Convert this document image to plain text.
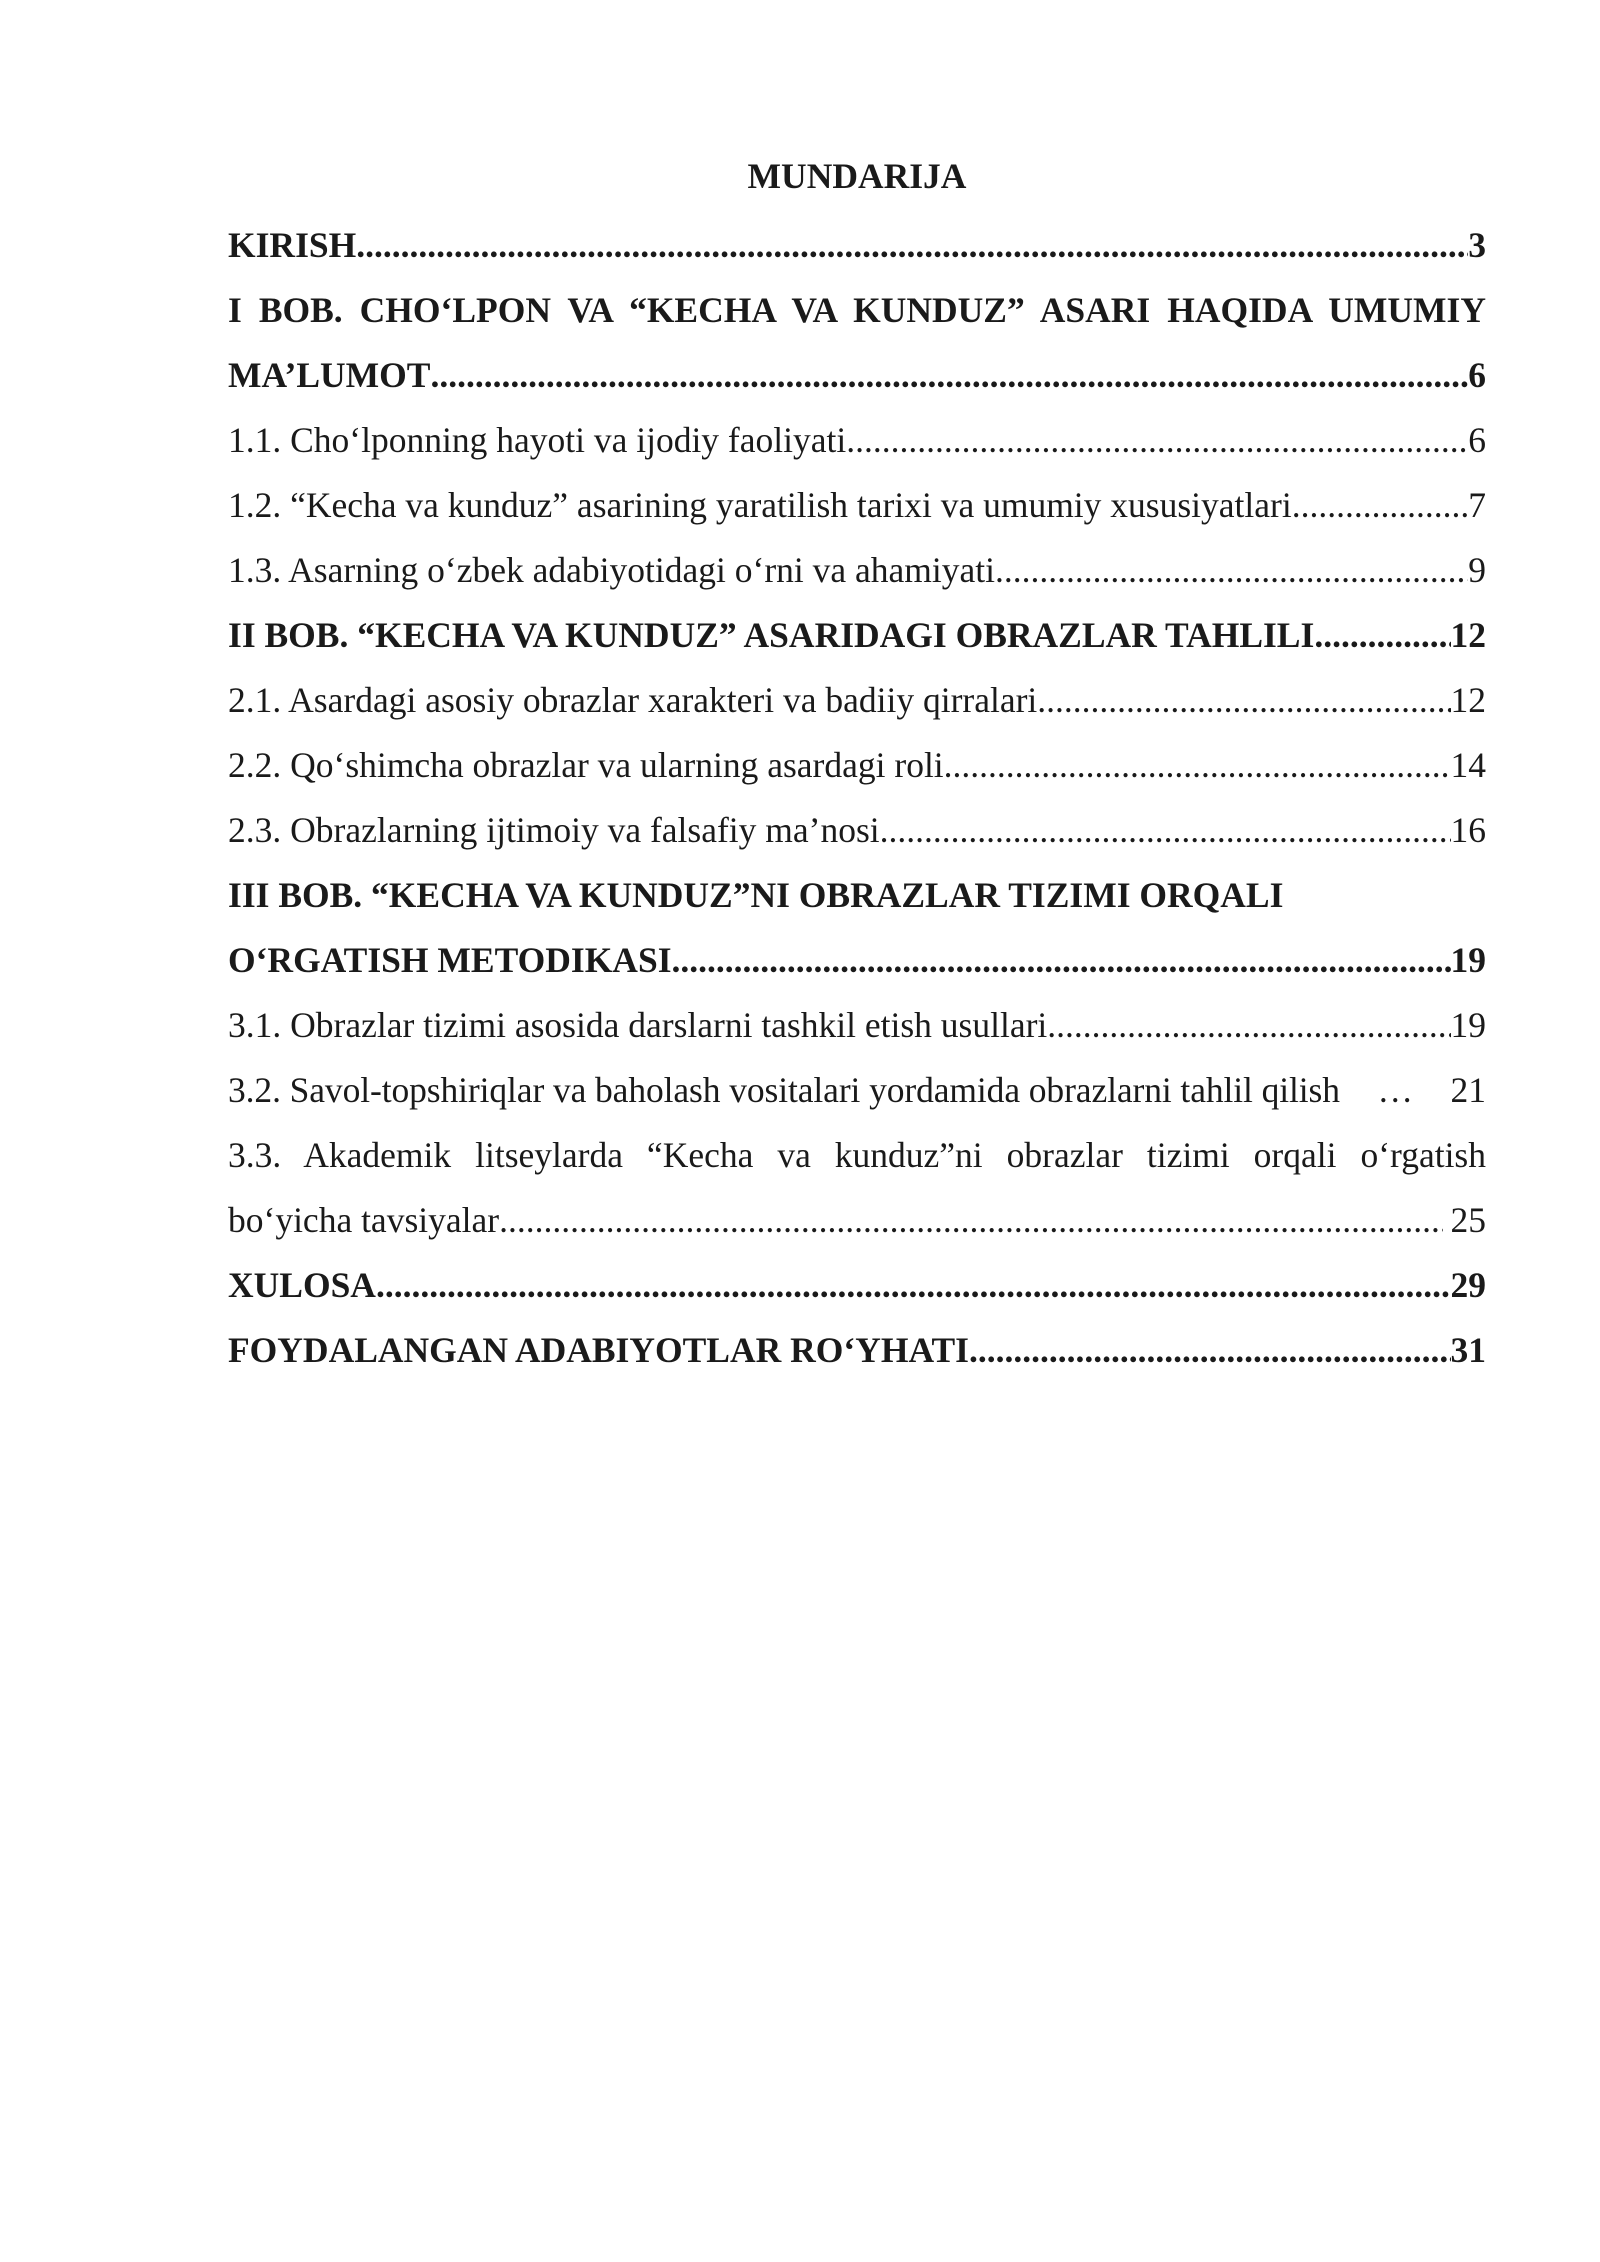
MUNDARIJA
KIRISH .....	3
I BOB. CHO‘LPON VA “KECHA VA KUNDUZ” ASARI HAQIDA UMUMIY
MA’LUMOT .....	6
1.1. Cho‘lponning hayoti va ijodiy faoliyati .....	6
1.2. “Kecha va kunduz” asarining yaratilish tarixi va umumiy xususiyatlari .....	7
1.3. Asarning o‘zbek adabiyotidagi o‘rni va ahamiyati .....	9
II BOB. “KECHA VA KUNDUZ” ASARIDAGI OBRAZLAR TAHLILI .....	12
2.1. Asardagi asosiy obrazlar xarakteri va badiiy qirralari .....	12
2.2. Qo‘shimcha obrazlar va ularning asardagi roli .....	14
2.3. Obrazlarning ijtimoiy va falsafiy ma’nosi .....	16
III BOB. “KECHA VA KUNDUZ”NI OBRAZLAR TIZIMI ORQALI
O‘RGATISH METODIKASI .....	19
3.1. Obrazlar tizimi asosida darslarni tashkil etish usullari .....	19
3.2. Savol-topshiriqlar va baholash vositalari yordamida obrazlarni tahlil qilish … 21
3.3. Akademik litseylarda “Kecha va kunduz”ni obrazlar tizimi orqali o‘rgatish
bo‘yicha tavsiyalar .....	25
XULOSA .....	29
FOYDALANGAN ADABIYOTLAR RO‘YHATI .....	31
